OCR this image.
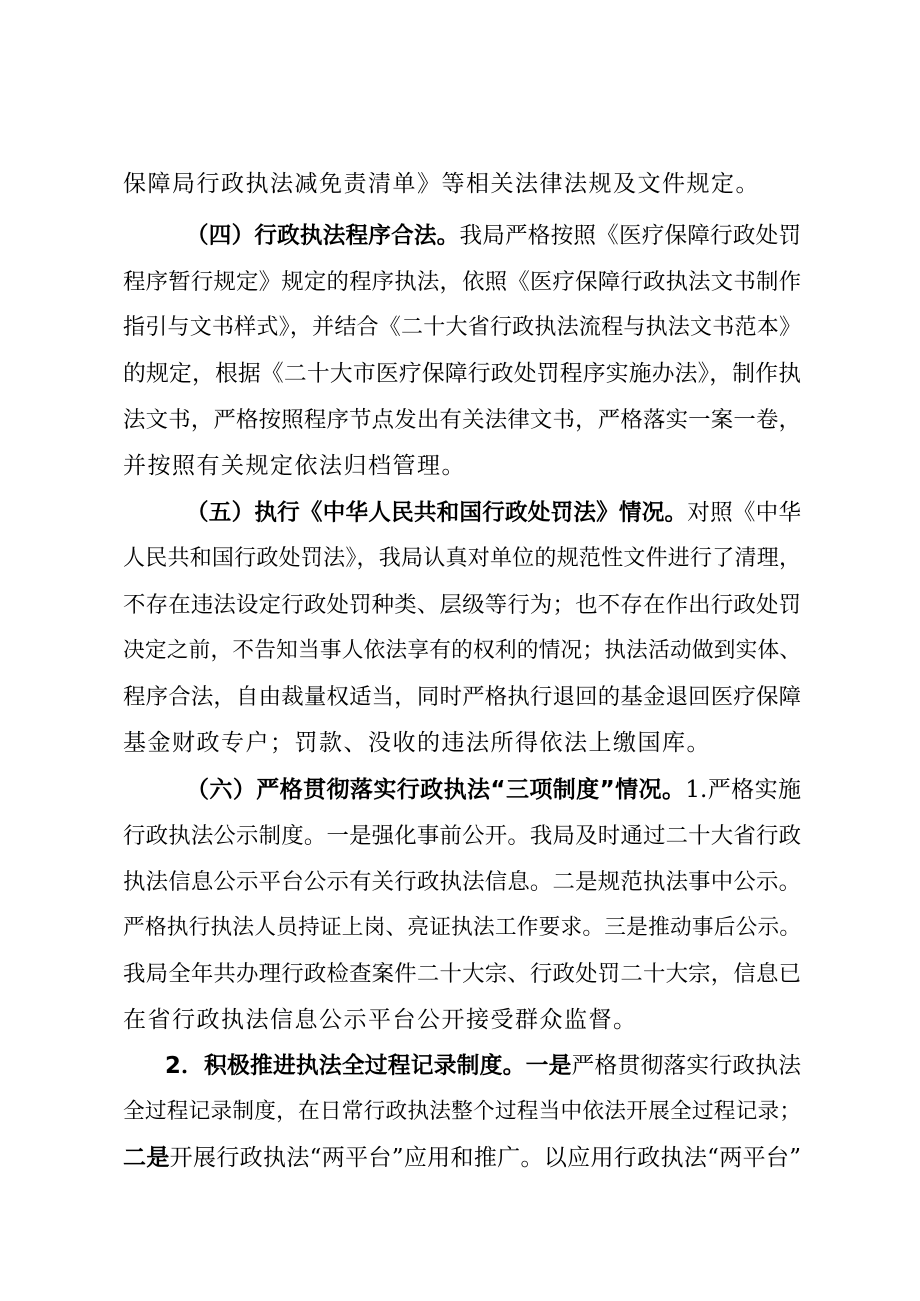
保障局行政执法减免责清单》等相关法律法规及文件规定。
（四）行政执法程序合法。我局严格按照《医疗保障行政处罚
程序暂行规定》规定的程序执法，依照《医疗保障行政执法文书制作
指引与文书样式》，并结合《二十大省行政执法流程与执法文书范本》
的规定，根据《二十大市医疗保障行政处罚程序实施办法》，制作执
法文书，严格按照程序节点发出有关法律文书，严格落实一案一卷，
并按照有关规定依法归档管理。
（五）执行《中华人民共和国行政处罚法》情况。对照《中华
人民共和国行政处罚法》，我局认真对单位的规范性文件进行了清理，
不存在违法设定行政处罚种类、层级等行为；也不存在作出行政处罚
决定之前，不告知当事人依法享有的权利的情况；执法活动做到实体、
程序合法，自由裁量权适当，同时严格执行退回的基金退回医疗保障
基金财政专户；罚款、没收的违法所得依法上缴国库。
（六）严格贯彻落实行政执法“三项制度”情况。1.严格实施
行政执法公示制度。一是强化事前公开。我局及时通过二十大省行政
执法信息公示平台公示有关行政执法信息。二是规范执法事中公示。
严格执行执法人员持证上岗、亮证执法工作要求。三是推动事后公示。
我局全年共办理行政检查案件二十大宗、行政处罚二十大宗，信息已
在省行政执法信息公示平台公开接受群众监督。
2．积极推进执法全过程记录制度。一是严格贯彻落实行政执法
全过程记录制度，在日常行政执法整个过程当中依法开展全过程记录；
二是开展行政执法“两平台”应用和推广。以应用行政执法“两平台”
